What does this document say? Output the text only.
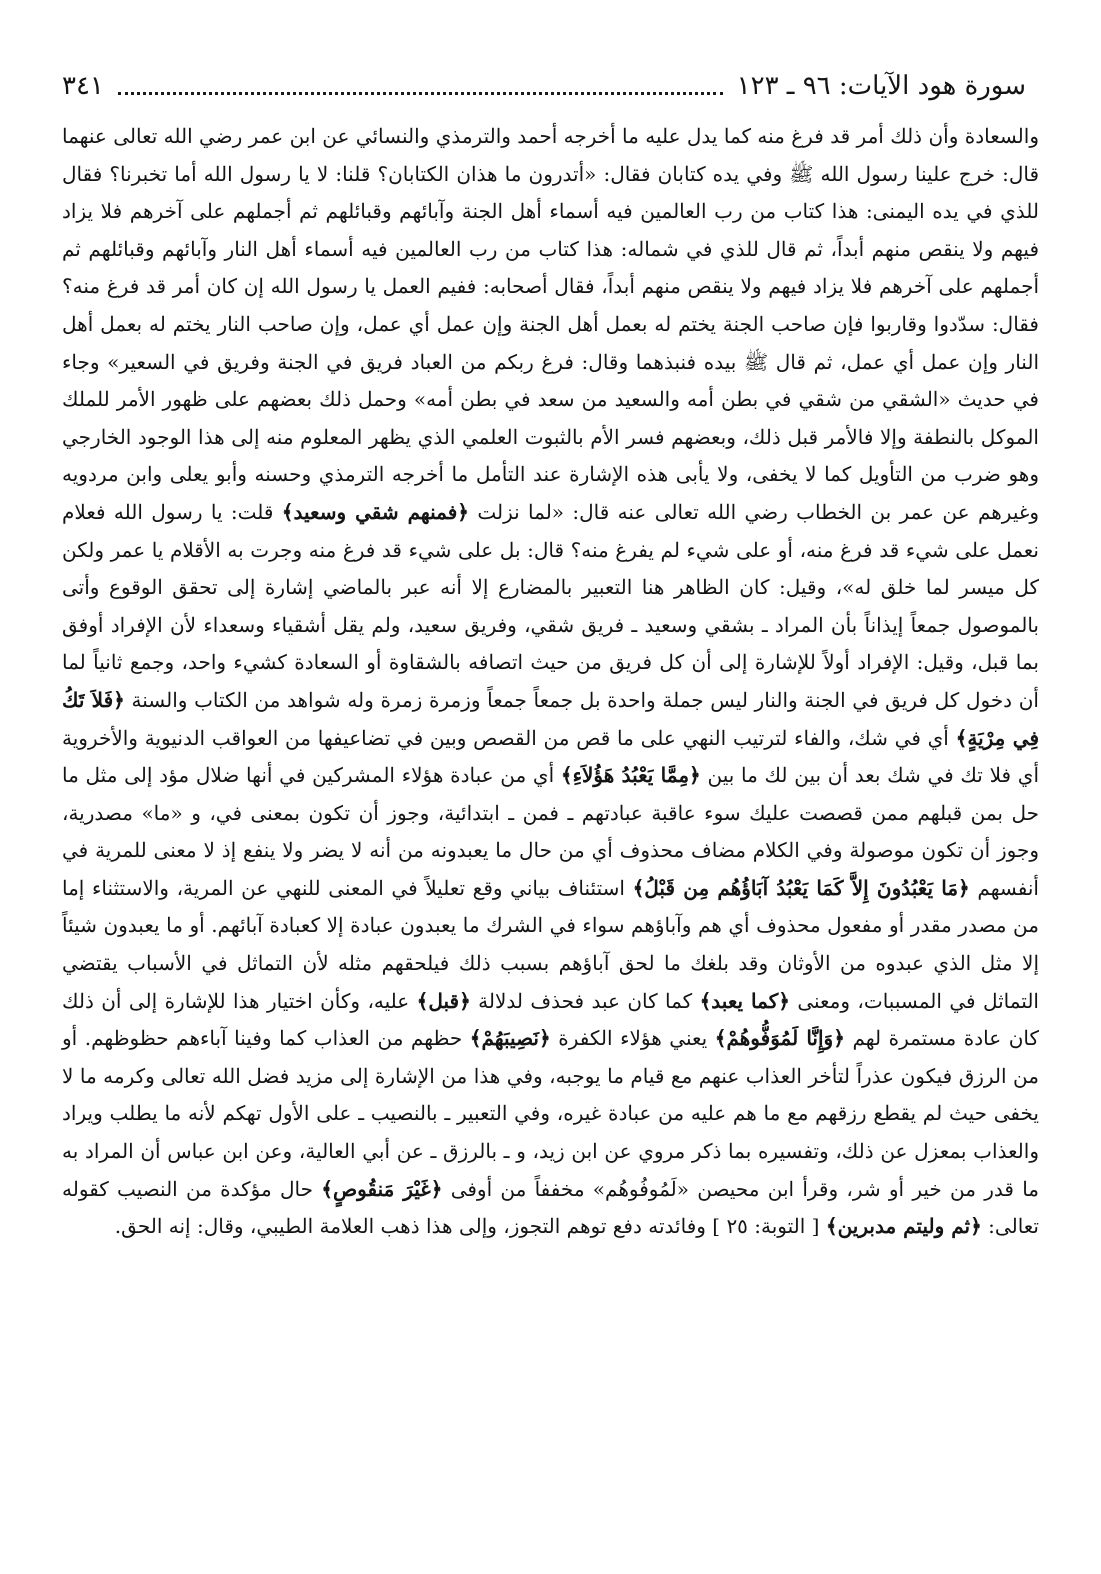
سورة هود الآيات: ٩٦ ـ ١٢٣
٣٤١

والسعادة وأن ذلك أمر قد فرغ منه كما يدل عليه ما أخرجه أحمد والترمذي والنسائي عن ابن عمر رضي الله تعالى عنهما قال: خرج علينا رسول الله ﷺ وفي يده كتابان فقال: «أتدرون ما هذان الكتابان؟ قلنا: لا يا رسول الله أما تخبرنا؟ فقال للذي في يده اليمنى: هذا كتاب من رب العالمين فيه أسماء أهل الجنة وآبائهم وقبائلهم ثم أجملهم على آخرهم فلا يزاد فيهم ولا ينقص منهم أبداً، ثم قال للذي في شماله: هذا كتاب من رب العالمين فيه أسماء أهل النار وآبائهم وقبائلهم ثم أجملهم على آخرهم فلا يزاد فيهم ولا ينقص منهم أبداً، فقال أصحابه: ففيم العمل يا رسول الله إن كان أمر قد فرغ منه؟ فقال: سدّدوا وقاربوا فإن صاحب الجنة يختم له بعمل أهل الجنة وإن عمل أي عمل، وإن صاحب النار يختم له بعمل أهل النار وإن عمل أي عمل، ثم قال ﷺ بيده فنبذهما وقال: فرغ ربكم من العباد فريق في الجنة وفريق في السعير» وجاء في حديث «الشقي من شقي في بطن أمه والسعيد من سعد في بطن أمه» وحمل ذلك بعضهم على ظهور الأمر للملك الموكل بالنطفة وإلا فالأمر قبل ذلك، وبعضهم فسر الأم بالثبوت العلمي الذي يظهر المعلوم منه إلى هذا الوجود الخارجي وهو ضرب من التأويل كما لا يخفى، ولا يأبى هذه الإشارة عند التأمل ما أخرجه الترمذي وحسنه وأبو يعلى وابن مردويه وغيرهم عن عمر بن الخطاب رضي الله تعالى عنه قال: «لما نزلت ﴿فمنهم شقي وسعيد﴾ قلت: يا رسول الله فعلام نعمل على شيء قد فرغ منه، أو على شيء لم يفرغ منه؟ قال: بل على شيء قد فرغ منه وجرت به الأقلام يا عمر ولكن كل ميسر لما خلق له»، وقيل: كان الظاهر هنا التعبير بالمضارع إلا أنه عبر بالماضي إشارة إلى تحقق الوقوع وأتى بالموصول جمعاً إيذاناً بأن المراد ـ بشقي وسعيد ـ فريق شقي، وفريق سعيد، ولم يقل أشقياء وسعداء لأن الإفراد أوفق بما قبل، وقيل: الإفراد أولاً للإشارة إلى أن كل فريق من حيث اتصافه بالشقاوة أو السعادة كشيء واحد، وجمع ثانياً لما أن دخول كل فريق في الجنة والنار ليس جملة واحدة بل جمعاً جمعاً وزمرة زمرة وله شواهد من الكتاب والسنة ﴿فَلاَ تَكُ فِي مِرْيَةٍ﴾ أي في شك، والفاء لترتيب النهي على ما قص من القصص وبين في تضاعيفها من العواقب الدنيوية والأخروية أي فلا تك في شك بعد أن بين لك ما بين ﴿مِمَّا يَعْبُدُ هَؤُلاَءِ﴾ أي من عبادة هؤلاء المشركين في أنها ضلال مؤد إلى مثل ما حل بمن قبلهم ممن قصصت عليك سوء عاقبة عبادتهم ـ فمن ـ ابتدائية، وجوز أن تكون بمعنى في، و «ما» مصدرية، وجوز أن تكون موصولة وفي الكلام مضاف محذوف أي من حال ما يعبدونه من أنه لا يضر ولا ينفع إذ لا معنى للمرية في أنفسهم ﴿مَا يَعْبُدُونَ إِلاَّ كَمَا يَعْبُدُ آبَاؤُهُم مِن قَبْلُ﴾ استئناف بياني وقع تعليلاً في المعنى للنهي عن المرية، والاستثناء إما من مصدر مقدر أو مفعول محذوف أي هم وآباؤهم سواء في الشرك ما يعبدون عبادة إلا كعبادة آبائهم. أو ما يعبدون شيئاً إلا مثل الذي عبدوه من الأوثان وقد بلغك ما لحق آباؤهم بسبب ذلك فيلحقهم مثله لأن التماثل في الأسباب يقتضي التماثل في المسببات، ومعنى ﴿كما يعبد﴾ كما كان عبد فحذف لدلالة ﴿قبل﴾ عليه، وكأن اختيار هذا للإشارة إلى أن ذلك كان عادة مستمرة لهم ﴿وَإِنَّا لَمُوَفُّوهُمْ﴾ يعني هؤلاء الكفرة ﴿نَصِيبَهُمْ﴾ حظهم من العذاب كما وفينا آباءهم حظوظهم. أو من الرزق فيكون عذراً لتأخر العذاب عنهم مع قيام ما يوجبه، وفي هذا من الإشارة إلى مزيد فضل الله تعالى وكرمه ما لا يخفى حيث لم يقطع رزقهم مع ما هم عليه من عبادة غيره، وفي التعبير ـ بالنصيب ـ على الأول تهكم لأنه ما يطلب ويراد والعذاب بمعزل عن ذلك، وتفسيره بما ذكر مروي عن ابن زيد، و ـ بالرزق ـ عن أبي العالية، وعن ابن عباس أن المراد به ما قدر من خير أو شر، وقرأ ابن محيصن «لَمُوفُوهُم» مخففاً من أوفى ﴿غَيْرَ مَنقُوصٍ﴾ حال مؤكدة من النصيب كقوله تعالى: ﴿ثم وليتم مدبرين﴾ [ التوبة: ٢٥ ] وفائدته دفع توهم التجوز، وإلى هذا ذهب العلامة الطيبي، وقال: إنه الحق.
